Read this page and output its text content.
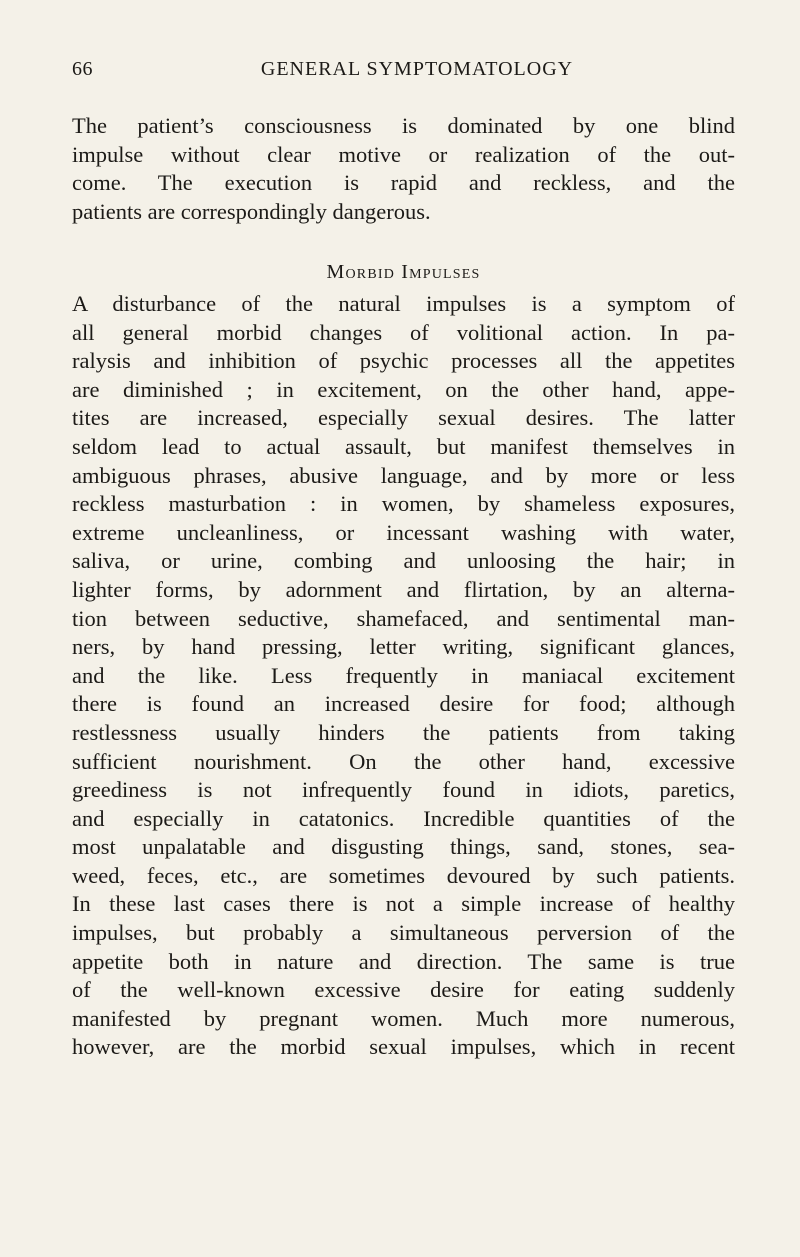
66	GENERAL SYMPTOMATOLOGY
The patient’s consciousness is dominated by one blind
impulse without clear motive or realization of the out-
come. The execution is rapid and reckless, and the
patients are correspondingly dangerous.
Morbid Impulses
A disturbance of the natural impulses is a symptom of
all general morbid changes of volitional action. In pa-
ralysis and inhibition of psychic processes all the appetites
are diminished ; in excitement, on the other hand, appe-
tites are increased, especially sexual desires. The latter
seldom lead to actual assault, but manifest themselves in
ambiguous phrases, abusive language, and by more or less
reckless masturbation : in women, by shameless exposures,
extreme uncleanliness, or incessant washing with water,
saliva, or urine, combing and unloosing the hair; in
lighter forms, by adornment and flirtation, by an alterna-
tion between seductive, shamefaced, and sentimental man-
ners, by hand pressing, letter writing, significant glances,
and the like. Less frequently in maniacal excitement
there is found an increased desire for food; although
restlessness usually hinders the patients from taking
sufficient nourishment. On the other hand, excessive
greediness is not infrequently found in idiots, paretics,
and especially in catatonics. Incredible quantities of the
most unpalatable and disgusting things, sand, stones, sea-
weed, feces, etc., are sometimes devoured by such patients.
In these last cases there is not a simple increase of healthy
impulses, but probably a simultaneous perversion of the
appetite both in nature and direction. The same is true
of the well-known excessive desire for eating suddenly
manifested by pregnant women. Much more numerous,
however, are the morbid sexual impulses, which in recent
